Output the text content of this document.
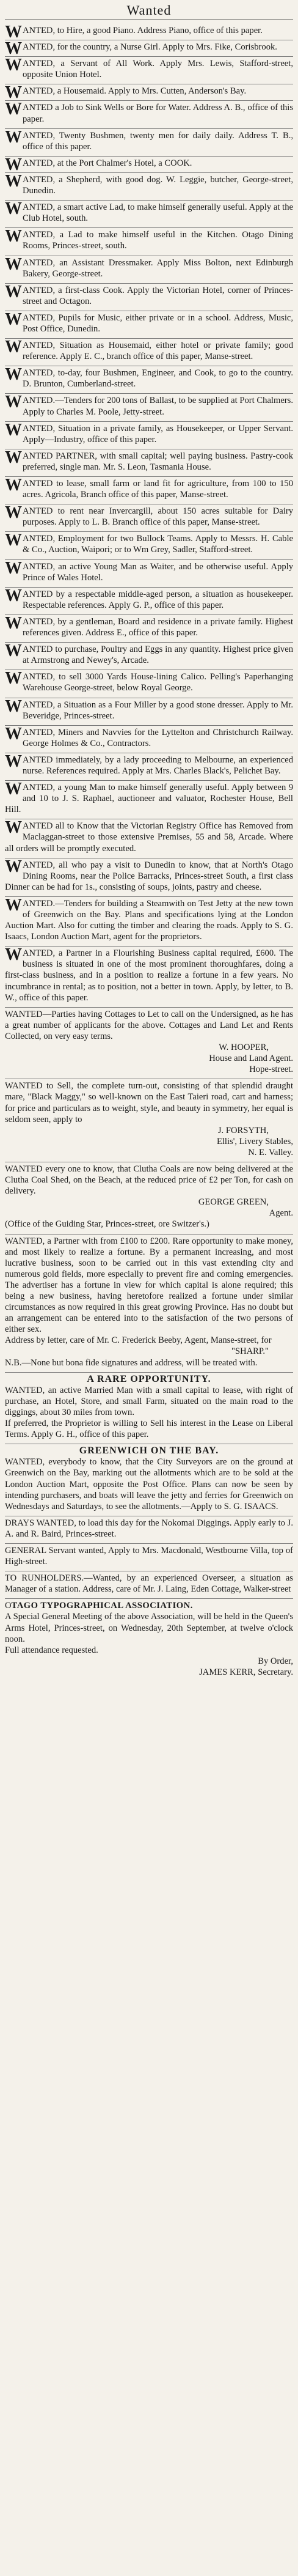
Wanted

WANTED, to Hire, a good Piano. Address Piano, office of this paper.

WANTED, for the country, a Nurse Girl. Apply to Mrs. Fike, Corisbrook.

WANTED, a Servant of All Work. Apply Mrs. Lewis, Stafford-street, opposite Union Hotel.

WANTED, a Housemaid. Apply to Mrs. Cutten, Anderson's Bay.

WANTED a Job to Sink Wells or Bore for Water. Address A. B., office of this paper.

WANTED, Twenty Bushmen, twenty men for daily daily. Address T. B., office of this paper.

WANTED, at the Port Chalmer's Hotel, a COOK.

WANTED, a Shepherd, with good dog. W. Leggie, butcher, George-street, Dunedin.

WANTED, a smart active Lad, to make himself generally useful. Apply at the Club Hotel, south.

WANTED, a Lad to make himself useful in the Kitchen. Otago Dining Rooms, Princes-street, south.

WANTED, an Assistant Dressmaker. Apply Miss Bolton, next Edinburgh Bakery, George-street.

WANTED, a first-class Cook. Apply the Victorian Hotel, corner of Princes-street and Octagon.

WANTED, Pupils for Music, either private or in a school. Address, Music, Post Office, Dunedin.

WANTED, Situation as Housemaid, either hotel or private family; good reference. Apply E. C., branch office of this paper, Manse-street.

WANTED, to-day, four Bushmen, Engineer, and Cook, to go to the country. D. Brunton, Cumberland-street.

WANTED.—Tenders for 200 tons of Ballast, to be supplied at Port Chalmers. Apply to Charles M. Poole, Jetty-street.

WANTED, Situation in a private family, as Housekeeper, or Upper Servant. Apply—Industry, office of this paper.

WANTED PARTNER, with small capital; well paying business. Pastry-cook preferred, single man. Mr. S. Leon, Tasmania House.

WANTED to lease, small farm or land fit for agriculture, from 100 to 150 acres. Agricola, Branch office of this paper, Manse-street.

WANTED to rent near Invercargill, about 150 acres suitable for Dairy purposes. Apply to L. B. Branch office of this paper, Manse-street.

WANTED, Employment for two Bullock Teams. Apply to Messrs. H. Cable & Co., Auction, Waipori; or to Wm Grey, Sadler, Stafford-street.

WANTED, an active Young Man as Waiter, and be otherwise useful. Apply Prince of Wales Hotel.

WANTED by a respectable middle-aged person, a situation as housekeeper. Respectable references. Apply G. P., office of this paper.

WANTED, by a gentleman, Board and residence in a private family. Highest references given. Address E., office of this paper.

WANTED to purchase, Poultry and Eggs in any quantity. Highest price given at Armstrong and Newey's, Arcade.

WANTED, to sell 3000 Yards House-lining Calico. Pelling's Paperhanging Warehouse George-street, below Royal George.

WANTED, a Situation as a Four Miller by a good stone dresser. Apply to Mr. Beveridge, Princes-street.

WANTED, Miners and Navvies for the Lyttelton and Christchurch Railway. George Holmes & Co., Contractors.

WANTED immediately, by a lady proceeding to Melbourne, an experienced nurse. References required. Apply at Mrs. Charles Black's, Pelichet Bay.

WANTED, a young Man to make himself generally useful. Apply between 9 and 10 to J. S. Raphael, auctioneer and valuator, Rochester House, Bell Hill.

WANTED all to Know that the Victorian Registry Office has Removed from Maclaggan-street to those extensive Premises, 55 and 58, Arcade. Where all orders will be promptly executed.

WANTED, all who pay a visit to Dunedin to know, that at North's Otago Dining Rooms, near the Police Barracks, Princes-street South, a first class Dinner can be had for 1s., consisting of soups, joints, pastry and cheese.

WANTED.—Tenders for building a Steamwith on Test Jetty at the new town of Greenwich on the Bay. Plans and specifications lying at the London Auction Mart. Also for cutting the timber and clearing the roads. Apply to S. G. Isaacs, London Auction Mart, agent for the proprietors.

WANTED, a Partner in a Flourishing Business capital required, £600. The business is situated in one of the most prominent thoroughfares, doing a first-class business, and in a position to realize a fortune in a few years. No incumbrance in rental; as to position, not a better in town. Apply, by letter, to B. W., office of this paper.

WANTED—Parties having Cottages to Let to call on the Undersigned, as he has a great number of applicants for the above. Cottages and Land Let and Rents Collected, on very easy terms.

W. HOOPER,

House and Land Agent.

Hope-street.

WANTED to Sell, the complete turn-out, consisting of that splendid draught mare, "Black Maggy," so well-known on the East Taieri road, cart and harness; for price and particulars as to weight, style, and beauty in symmetry, her equal is seldom seen, apply to

J. FORSYTH,

Ellis', Livery Stables,

N. E. Valley.

WANTED every one to know, that Clutha Coals are now being delivered at the Clutha Coal Shed, on the Beach, at the reduced price of £2 per Ton, for cash on delivery.

GEORGE GREEN,

Agent.

(Office of the Guiding Star, Princes-street, ore Switzer's.)

WANTED, a Partner with from £100 to £200. Rare opportunity to make money, and most likely to realize a fortune. By a permanent increasing, and most lucrative business, soon to be carried out in this vast extending city and numerous gold fields, more especially to prevent fire and coming emergencies. The advertiser has a fortune in view for which capital is alone required; this being a new business, having heretofore realized a fortune under similar circumstances as now required in this great growing Province. Has no doubt but an arrangement can be entered into to the satisfaction of the two persons of either sex.

Address by letter, care of Mr. C. Frederick Beeby, Agent, Manse-street, for

"SHARP."

N.B.—None but bona fide signatures and address, will be treated with.

A RARE OPPORTUNITY.

WANTED, an active Married Man with a small capital to lease, with right of purchase, an Hotel, Store, and small Farm, situated on the main road to the diggings, about 30 miles from town.

If preferred, the Proprietor is willing to Sell his interest in the Lease on Liberal Terms. Apply G. H., office of this paper.

GREENWICH ON THE BAY.

WANTED, everybody to know, that the City Surveyors are on the ground at Greenwich on the Bay, marking out the allotments which are to be sold at the London Auction Mart, opposite the Post Office. Plans can now be seen by intending purchasers, and boats will leave the jetty and ferries for Greenwich on Wednesdays and Saturdays, to see the allotments.—Apply to S. G. ISAACS.

DRAYS WANTED, to load this day for the Nokomai Diggings. Apply early to J. A. and R. Baird, Princes-street.

GENERAL Servant wanted, Apply to Mrs. Macdonald, Westbourne Villa, top of High-street.

TO RUNHOLDERS.—Wanted, by an experienced Overseer, a situation as Manager of a station. Address, care of Mr. J. Laing, Eden Cottage, Walker-street

OTAGO TYPOGRAPHICAL ASSOCIATION.

A Special General Meeting of the above Association, will be held in the Queen's Arms Hotel, Princes-street, on Wednesday, 20th September, at twelve o'clock noon.

Full attendance requested.

By Order,

JAMES KERR, Secretary.
